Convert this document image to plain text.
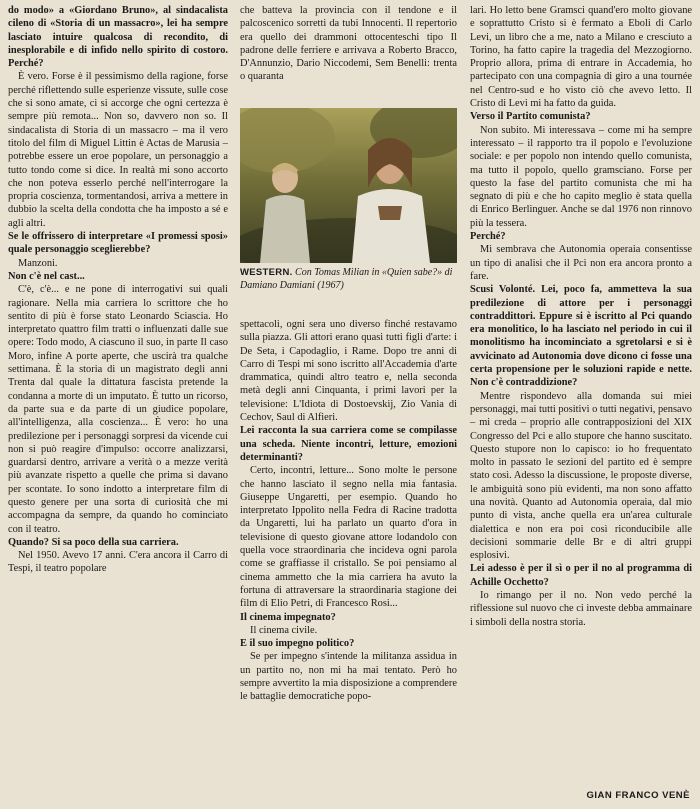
do modo» a «Giordano Bruno», al sindacalista cileno di «Storia di un massacro», lei ha sempre lasciato intuire qualcosa di recondito, di inesplorabile e di infido nello spirito di costoro. Perché?

È vero. Forse è il pessimismo della ragione, forse perché riflettendo sulle esperienze vissute, sulle cose che si sono amate, ci si accorge che ogni certezza è sempre più remota... Non so, davvero non so. Il sindacalista di Storia di un massacro – ma il vero titolo del film di Miguel Littin è Actas de Marusia – potrebbe essere un eroe popolare, un personaggio a tutto tondo come si dice. In realtà mi sono accorto che non poteva esserlo perché nell'interrogare la propria coscienza, tormentandosi, arriva a mettere in dubbio la scelta della condotta che ha imposto a sé e agli altri.

Se le offrissero di interpretare «I promessi sposi» quale personaggio sceglierebbe?

Manzoni.

Non c'è nel cast...

C'è, c'è... e ne pone di interrogativi sui quali ragionare. Nella mia carriera lo scrittore che ho sentito di più è forse stato Leonardo Sciascia. Ho interpretato quattro film tratti o influenzati dalle sue opere: Todo modo, A ciascuno il suo, in parte Il caso Moro, infine A porte aperte, che uscirà tra qualche settimana. È la storia di un magistrato degli anni Trenta dal quale la dittatura fascista pretende la condanna a morte di un imputato. È tutto un ricorso, da parte sua e da parte di un giudice popolare, all'intelligenza, alla coscienza... È vero: ho una predilezione per i personaggi sorpresi da vicende cui non si può reagire d'impulso: occorre analizzarsi, guardarsi dentro, arrivare a verità o a mezze verità più avanzate rispetto a quelle che prima si davano per scontate. Io sono indotto a interpretare film di questo genere per una sorta di curiosità che mi accompagna da sempre, da quando ho cominciato con il teatro.

Quando? Si sa poco della sua carriera.

Nel 1950. Avevo 17 anni. C'era ancora il Carro di Tespi, il teatro popolare

che batteva la provincia con il tendone e il palcoscenico sorretti da tubi Innocenti. Il repertorio era quello dei drammoni ottocenteschi tipo Il padrone delle ferriere e arrivava a Roberto Bracco, D'Annunzio, Dario Niccodemi, Sem Benelli: trenta o quaranta

WESTERN. Con Tomas Milian in «Quien sabe?» di Damiano Damiani (1967)

spettacoli, ogni sera uno diverso finché restavamo sulla piazza. Gli attori erano quasi tutti figli d'arte: i De Seta, i Capodaglio, i Rame. Dopo tre anni di Carro di Tespi mi sono iscritto all'Accademia d'arte drammatica, quindi altro teatro e, nella seconda metà degli anni Cinquanta, i primi lavori per la televisione: L'Idiota di Dostoevskij, Zio Vania di Cechov, Saul di Alfieri.

Lei racconta la sua carriera come se compilasse una scheda. Niente incontri, letture, emozioni determinanti?

Certo, incontri, letture... Sono molte le persone che hanno lasciato il segno nella mia fantasia. Giuseppe Ungaretti, per esempio. Quando ho interpretato Ippolito nella Fedra di Racine tradotta da Ungaretti, lui ha parlato un quarto d'ora in televisione di questo giovane attore lodandolo con quella voce straordinaria che incideva ogni parola come se graffiasse il cristallo. Se poi pensiamo al cinema ammetto che la mia carriera ha avuto la fortuna di attraversare la straordinaria stagione dei film di Elio Petri, di Francesco Rosi...

Il cinema impegnato?

Il cinema civile.

E il suo impegno politico?

Se per impegno s'intende la militanza assidua in un partito no, non mi ha mai tentato. Però ho sempre avvertito la mia disposizione a comprendere le battaglie democratiche popo-

lari. Ho letto bene Gramsci quand'ero molto giovane e soprattutto Cristo si è fermato a Eboli di Carlo Levi, un libro che a me, nato a Milano e cresciuto a Torino, ha fatto capire la tragedia del Mezzogiorno. Proprio allora, prima di entrare in Accademia, ho partecipato con una compagnia di giro a una tournée nel Centro-sud e ho visto ciò che avevo letto. Il Cristo di Levi mi ha fatto da guida.

Verso il Partito comunista?

Non subito. Mi interessava – come mi ha sempre interessato – il rapporto tra il popolo e l'evoluzione sociale: e per popolo non intendo quello comunista, ma tutto il popolo, quello gramsciano. Forse per questo la fase del partito comunista che mi ha segnato di più e che ho capito meglio è stata quella di Enrico Berlinguer. Anche se dal 1976 non rinnovo più la tessera.

Perché?

Mi sembrava che Autonomia operaia consentisse un tipo di analisi che il Pci non era ancora pronto a fare.

Scusi Volonté. Lei, poco fa, ammetteva la sua predilezione di attore per i personaggi contraddittori. Eppure si è iscritto al Pci quando era monolitico, lo ha lasciato nel periodo in cui il monolitismo ha incominciato a sgretolarsi e si è avvicinato ad Autonomia dove dicono ci fosse una certa propensione per le soluzioni rapide e nette. Non c'è contraddizione?

Mentre rispondevo alla domanda sui miei personaggi, mai tutti positivi o tutti negativi, pensavo – mi creda – proprio alle contrapposizioni del XIX Congresso del Pci e allo stupore che hanno suscitato. Questo stupore non lo capisco: io ho frequentato molto in passato le sezioni del partito ed è sempre stato così. Adesso la discussione, le proposte diverse, le ambiguità sono più evidenti, ma non sono affatto una novità. Quanto ad Autonomia operaia, dal mio punto di vista, anche quella era un'area culturale dialettica e non era poi così riconducibile alle decisioni sommarie delle Br e di altri gruppi esplosivi.

Lei adesso è per il sì o per il no al programma di Achille Occhetto?

Io rimango per il no. Non vedo perché la riflessione sul nuovo che ci investe debba ammainare i simboli della nostra storia.

GIAN FRANCO VENÈ
